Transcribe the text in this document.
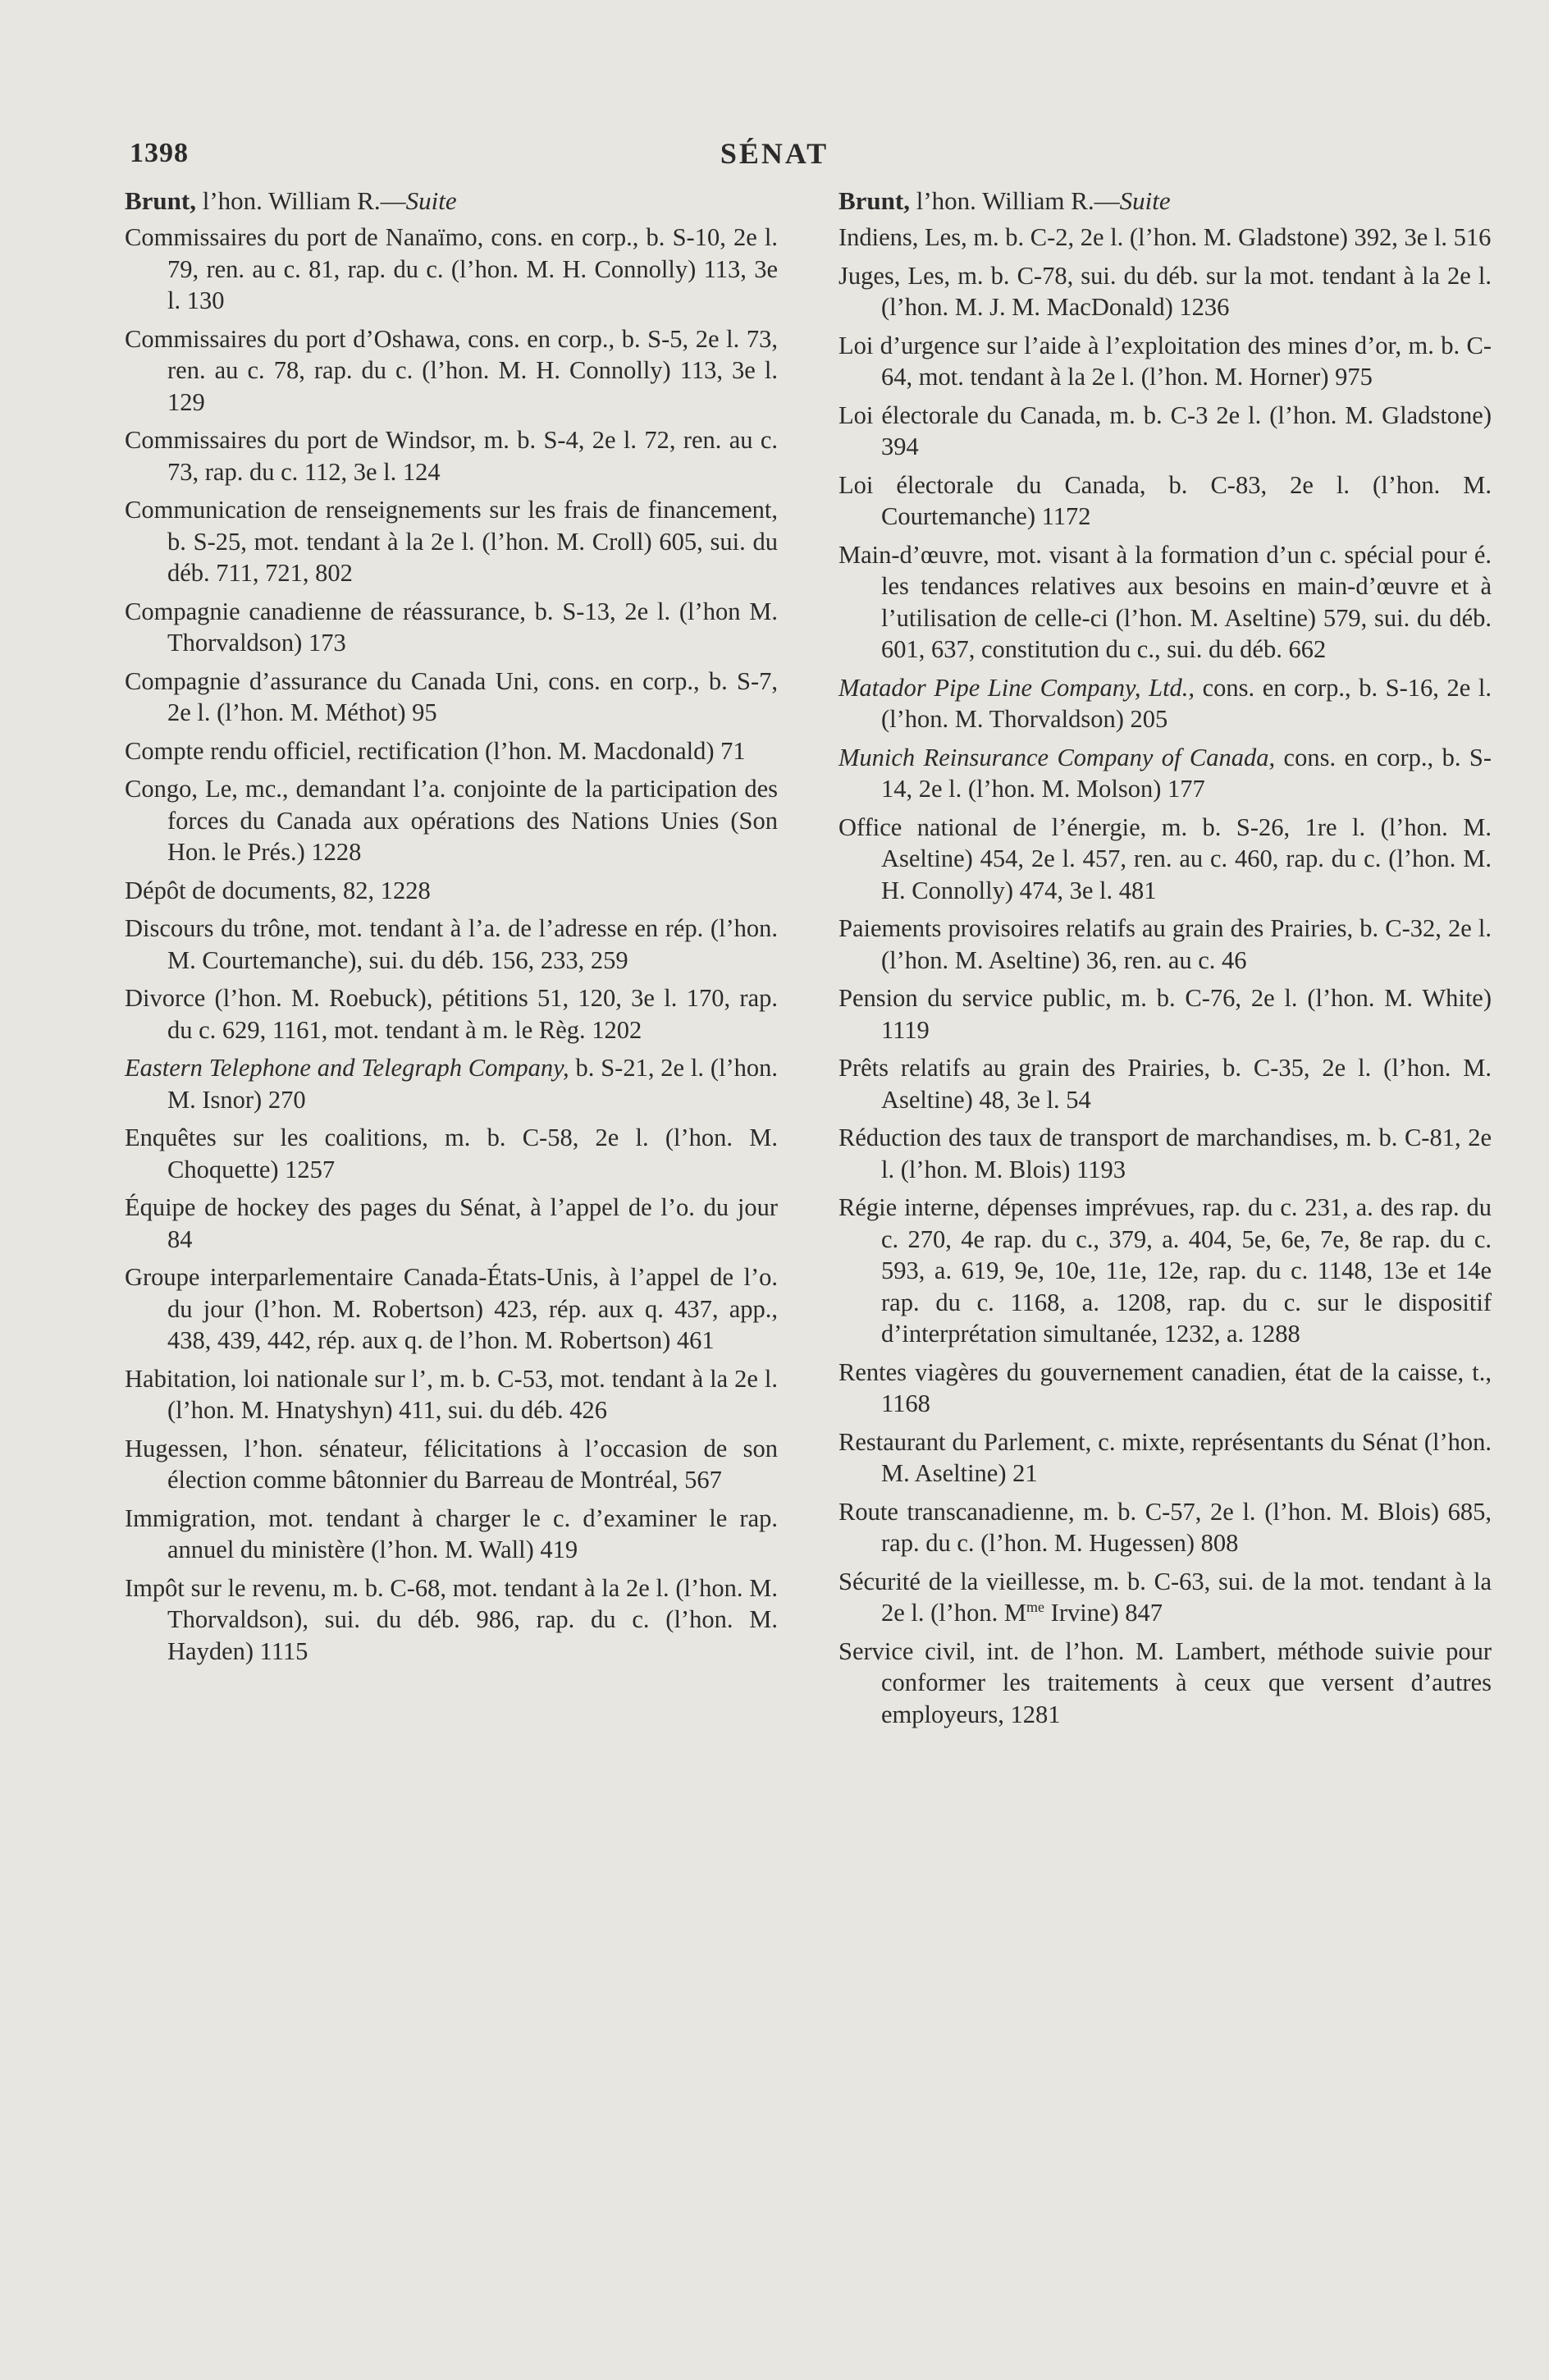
1398	SÉNAT
Brunt, l’hon. William R.—Suite
Commissaires du port de Nanaïmo, cons. en corp., b. S-10, 2e l. 79, ren. au c. 81, rap. du c. (l’hon. M. H. Connolly) 113, 3e l. 130
Commissaires du port d’Oshawa, cons. en corp., b. S-5, 2e l. 73, ren. au c. 78, rap. du c. (l’hon. M. H. Connolly) 113, 3e l. 129
Commissaires du port de Windsor, m. b. S-4, 2e l. 72, ren. au c. 73, rap. du c. 112, 3e l. 124
Communication de renseignements sur les frais de financement, b. S-25, mot. tendant à la 2e l. (l’hon. M. Croll) 605, sui. du déb. 711, 721, 802
Compagnie canadienne de réassurance, b. S-13, 2e l. (l’hon M. Thorvaldson) 173
Compagnie d’assurance du Canada Uni, cons. en corp., b. S-7, 2e l. (l’hon. M. Méthot) 95
Compte rendu officiel, rectification (l’hon. M. Macdonald) 71
Congo, Le, mc., demandant l’a. conjointe de la participation des forces du Canada aux opérations des Nations Unies (Son Hon. le Prés.) 1228
Dépôt de documents, 82, 1228
Discours du trône, mot. tendant à l’a. de l’adresse en rép. (l’hon. M. Courtemanche), sui. du déb. 156, 233, 259
Divorce (l’hon. M. Roebuck), pétitions 51, 120, 3e l. 170, rap. du c. 629, 1161, mot. tendant à m. le Règ. 1202
Eastern Telephone and Telegraph Company, b. S-21, 2e l. (l’hon. M. Isnor) 270
Enquêtes sur les coalitions, m. b. C-58, 2e l. (l’hon. M. Choquette) 1257
Équipe de hockey des pages du Sénat, à l’appel de l’o. du jour 84
Groupe interparlementaire Canada-États-Unis, à l’appel de l’o. du jour (l’hon. M. Robertson) 423, rép. aux q. 437, app., 438, 439, 442, rép. aux q. de l’hon. M. Robertson) 461
Habitation, loi nationale sur l’, m. b. C-53, mot. tendant à la 2e l. (l’hon. M. Hnatyshyn) 411, sui. du déb. 426
Hugessen, l’hon. sénateur, félicitations à l’occasion de son élection comme bâtonnier du Barreau de Montréal, 567
Immigration, mot. tendant à charger le c. d’examiner le rap. annuel du ministère (l’hon. M. Wall) 419
Impôt sur le revenu, m. b. C-68, mot. tendant à la 2e l. (l’hon. M. Thorvaldson), sui. du déb. 986, rap. du c. (l’hon. M. Hayden) 1115
Brunt, l’hon. William R.—Suite
Indiens, Les, m. b. C-2, 2e l. (l’hon. M. Gladstone) 392, 3e l. 516
Juges, Les, m. b. C-78, sui. du déb. sur la mot. tendant à la 2e l. (l’hon. M. J. M. MacDonald) 1236
Loi d’urgence sur l’aide à l’exploitation des mines d’or, m. b. C-64, mot. tendant à la 2e l. (l’hon. M. Horner) 975
Loi électorale du Canada, m. b. C-3 2e l. (l’hon. M. Gladstone) 394
Loi électorale du Canada, b. C-83, 2e l. (l’hon. M. Courtemanche) 1172
Main-d’œuvre, mot. visant à la formation d’un c. spécial pour é. les tendances relatives aux besoins en main-d’œuvre et à l’utilisation de celle-ci (l’hon. M. Aseltine) 579, sui. du déb. 601, 637, constitution du c., sui. du déb. 662
Matador Pipe Line Company, Ltd., cons. en corp., b. S-16, 2e l. (l’hon. M. Thorvaldson) 205
Munich Reinsurance Company of Canada, cons. en corp., b. S-14, 2e l. (l’hon. M. Molson) 177
Office national de l’énergie, m. b. S-26, 1re l. (l’hon. M. Aseltine) 454, 2e l. 457, ren. au c. 460, rap. du c. (l’hon. M. H. Connolly) 474, 3e l. 481
Paiements provisoires relatifs au grain des Prairies, b. C-32, 2e l. (l’hon. M. Aseltine) 36, ren. au c. 46
Pension du service public, m. b. C-76, 2e l. (l’hon. M. White) 1119
Prêts relatifs au grain des Prairies, b. C-35, 2e l. (l’hon. M. Aseltine) 48, 3e l. 54
Réduction des taux de transport de marchandises, m. b. C-81, 2e l. (l’hon. M. Blois) 1193
Régie interne, dépenses imprévues, rap. du c. 231, a. des rap. du c. 270, 4e rap. du c., 379, a. 404, 5e, 6e, 7e, 8e rap. du c. 593, a. 619, 9e, 10e, 11e, 12e, rap. du c. 1148, 13e et 14e rap. du c. 1168, a. 1208, rap. du c. sur le dispositif d’interprétation simultanée, 1232, a. 1288
Rentes viagères du gouvernement canadien, état de la caisse, t., 1168
Restaurant du Parlement, c. mixte, représentants du Sénat (l’hon. M. Aseltine) 21
Route transcanadienne, m. b. C-57, 2e l. (l’hon. M. Blois) 685, rap. du c. (l’hon. M. Hugessen) 808
Sécurité de la vieillesse, m. b. C-63, sui. de la mot. tendant à la 2e l. (l’hon. $M^{me}$ Irvine) 847
Service civil, int. de l’hon. M. Lambert, méthode suivie pour conformer les traitements à ceux que versent d’autres employeurs, 1281
